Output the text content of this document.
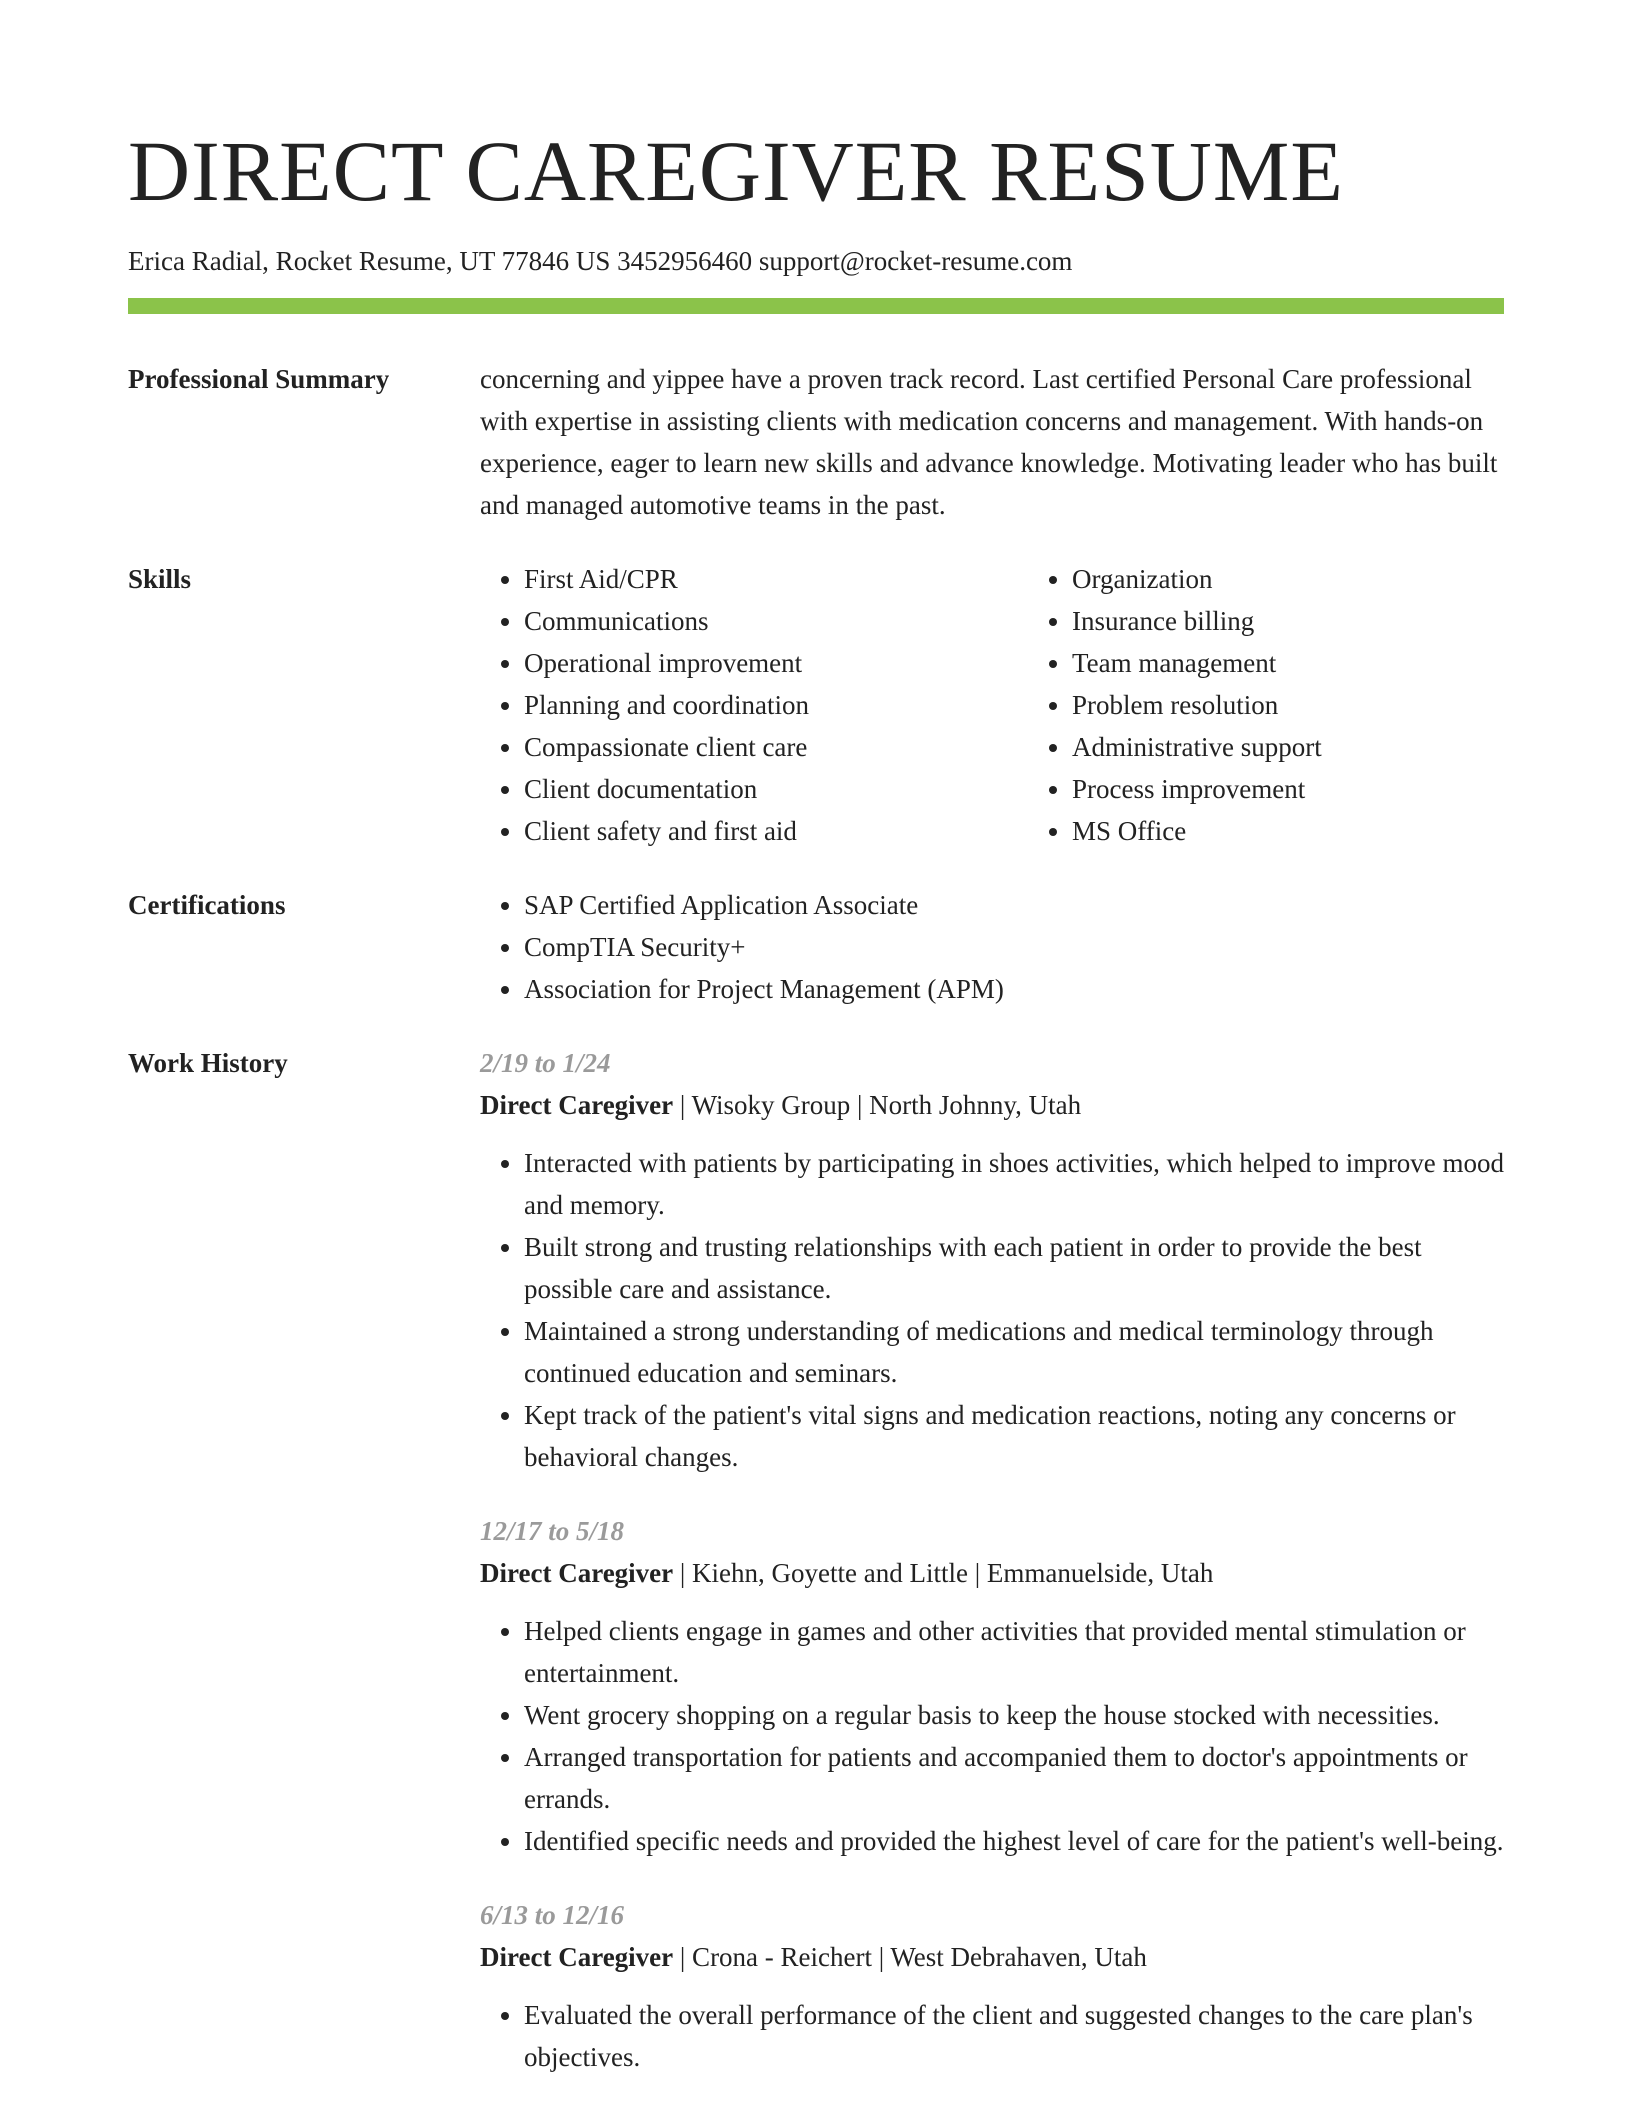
DIRECT CAREGIVER RESUME
Erica Radial, Rocket Resume, UT 77846 US 3452956460 support@rocket-resume.com
Professional Summary	concerning and yippee have a proven track record. Last certified Personal Care professional with expertise in assisting clients with medication concerns and management. With hands-on experience, eager to learn new skills and advance knowledge. Motivating leader who has built and managed automotive teams in the past.

Skills	• First Aid/CPR
• Communications
• Operational improvement
• Planning and coordination
• Compassionate client care
• Client documentation
• Client safety and first aid
• Organization
• Insurance billing
• Team management
• Problem resolution
• Administrative support
• Process improvement
• MS Office
Certifications	• SAP Certified Application Associate
• CompTIA Security+
• Association for Project Management (APM)
Work History	2/19 to 1/24
Direct Caregiver | Wisoky Group | North Johnny, Utah
• Interacted with patients by participating in shoes activities, which helped to improve mood and memory.
• Built strong and trusting relationships with each patient in order to provide the best possible care and assistance.
• Maintained a strong understanding of medications and medical terminology through continued education and seminars.
• Kept track of the patient's vital signs and medication reactions, noting any concerns or behavioral changes.
12/17 to 5/18
Direct Caregiver | Kiehn, Goyette and Little | Emmanuelside, Utah
• Helped clients engage in games and other activities that provided mental stimulation or entertainment.
• Went grocery shopping on a regular basis to keep the house stocked with necessities.
• Arranged transportation for patients and accompanied them to doctor's appointments or errands.
• Identified specific needs and provided the highest level of care for the patient's well-being.
6/13 to 12/16
Direct Caregiver | Crona - Reichert | West Debrahaven, Utah
• Evaluated the overall performance of the client and suggested changes to the care plan's objectives.
